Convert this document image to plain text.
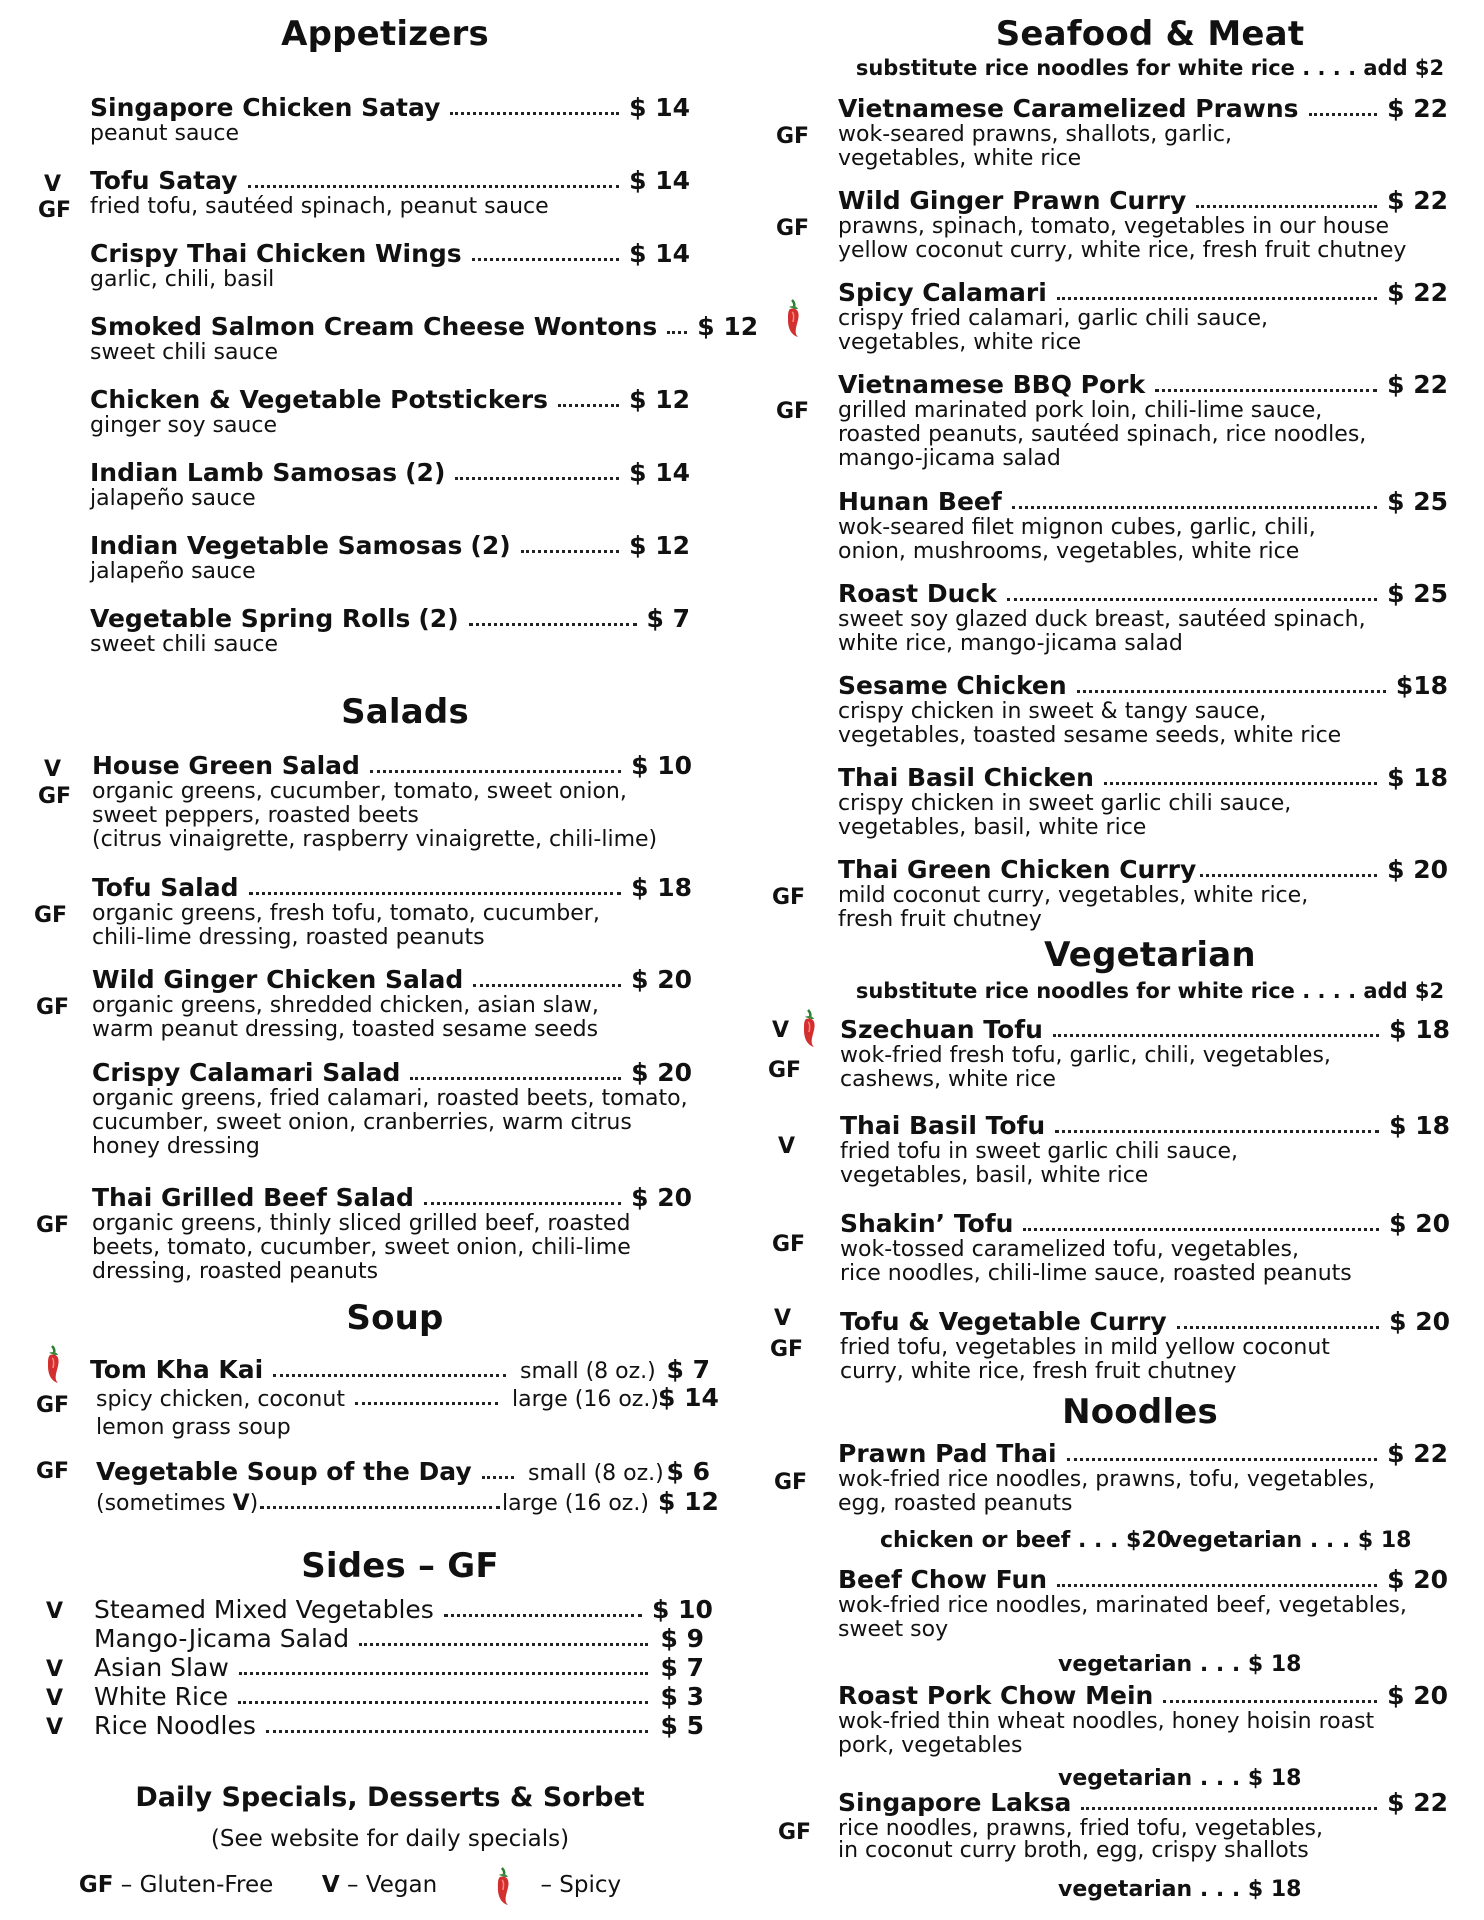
Appetizers
Singapore Chicken Satay	$ 14
peanut sauce
V
GF
Tofu Satay	$ 14
fried tofu, sautéed spinach, peanut sauce
Crispy Thai Chicken Wings	$ 14
garlic, chili, basil
Smoked Salmon Cream Cheese Wontons $ 12
sweet chili sauce
Chicken & Vegetable Potstickers	$ 12
ginger soy sauce
Indian Lamb Samosas (2)	$ 14
jalapeño sauce
Indian Vegetable Samosas (2)	$ 12
jalapeño sauce
Vegetable Spring Rolls (2)	$ 7
sweet chili sauce
Salads
V
GF
House Green Salad	$ 10
organic greens, cucumber, tomato, sweet onion,
sweet peppers, roasted beets
(citrus vinaigrette, raspberry vinaigrette, chili-lime)
GF
Tofu Salad	$ 18
organic greens, fresh tofu, tomato, cucumber,
chili-lime dressing, roasted peanuts
GF
Wild Ginger Chicken Salad	$ 20
organic greens, shredded chicken, asian slaw,
warm peanut dressing, toasted sesame seeds
Crispy Calamari Salad	$ 20
organic greens, fried calamari, roasted beets, tomato,
cucumber, sweet onion, cranberries, warm citrus
honey dressing
GF
Thai Grilled Beef Salad	$ 20
organic greens, thinly sliced grilled beef, roasted
beets, tomato, cucumber, sweet onion, chili-lime
dressing, roasted peanuts
Soup
GF
Tom Kha Kai	small (8 oz.) $ 7
spicy chicken, coconut	large (16 oz.) $ 14
lemon grass soup
GF Vegetable Soup of the Day	small (8 oz.) $ 6
(sometimes V)	large (16 oz.) $ 12
Sides – GF
V Steamed Mixed Vegetables	$ 10
Mango-Jicama Salad	$ 9
V Asian Slaw	$ 7
V White Rice	$ 3
V Rice Noodles	$ 5
Daily Specials, Desserts & Sorbet
(See website for daily specials)
GF – Gluten-Free V – Vegan	– Spicy
Seafood & Meat
substitute rice noodles for white rice . . . . add $2
GF
Vietnamese Caramelized Prawns	$ 22
wok-seared prawns, shallots, garlic,
vegetables, white rice
GF
Wild Ginger Prawn Curry	$ 22
prawns, spinach, tomato, vegetables in our house
yellow coconut curry, white rice, fresh fruit chutney
Spicy Calamari	$ 22
crispy fried calamari, garlic chili sauce,
vegetables, white rice
GF
Vietnamese BBQ Pork	$ 22
grilled marinated pork loin, chili-lime sauce,
roasted peanuts, sautéed spinach, rice noodles,
mango-jicama salad
Hunan Beef	$ 25
wok-seared filet mignon cubes, garlic, chili,
onion, mushrooms, vegetables, white rice
Roast Duck	$ 25
sweet soy glazed duck breast, sautéed spinach,
white rice, mango-jicama salad
Sesame Chicken	$18
crispy chicken in sweet & tangy sauce,
vegetables, toasted sesame seeds, white rice
Thai Basil Chicken	$ 18
crispy chicken in sweet garlic chili sauce,
vegetables, basil, white rice
GF
Thai Green Chicken Curry	$ 20
mild coconut curry, vegetables, white rice,
fresh fruit chutney
Vegetarian
substitute rice noodles for white rice . . . . add $2
V
GF
Szechuan Tofu	$ 18
wok-fried fresh tofu, garlic, chili, vegetables,
cashews, white rice
V
Thai Basil Tofu	$ 18
fried tofu in sweet garlic chili sauce,
vegetables, basil, white rice
GF
Shakin’ Tofu	$ 20
wok-tossed caramelized tofu, vegetables,
rice noodles, chili-lime sauce, roasted peanuts
V
GF
Tofu & Vegetable Curry	$ 20
fried tofu, vegetables in mild yellow coconut
curry, white rice, fresh fruit chutney
Noodles
GF
Prawn Pad Thai	$ 22
wok-fried rice noodles, prawns, tofu, vegetables,
egg, roasted peanuts
chicken or beef . . . $20
vegetarian . . . $ 18
Beef Chow Fun	$ 20
wok-fried rice noodles, marinated beef, vegetables,
sweet soy
vegetarian . . . $ 18
Roast Pork Chow Mein	$ 20
wok-fried thin wheat noodles, honey hoisin roast
pork, vegetables
vegetarian . . . $ 18
GF
Singapore Laksa	$ 22
rice noodles, prawns, fried tofu, vegetables,
in coconut curry broth, egg, crispy shallots
vegetarian . . . $ 18
